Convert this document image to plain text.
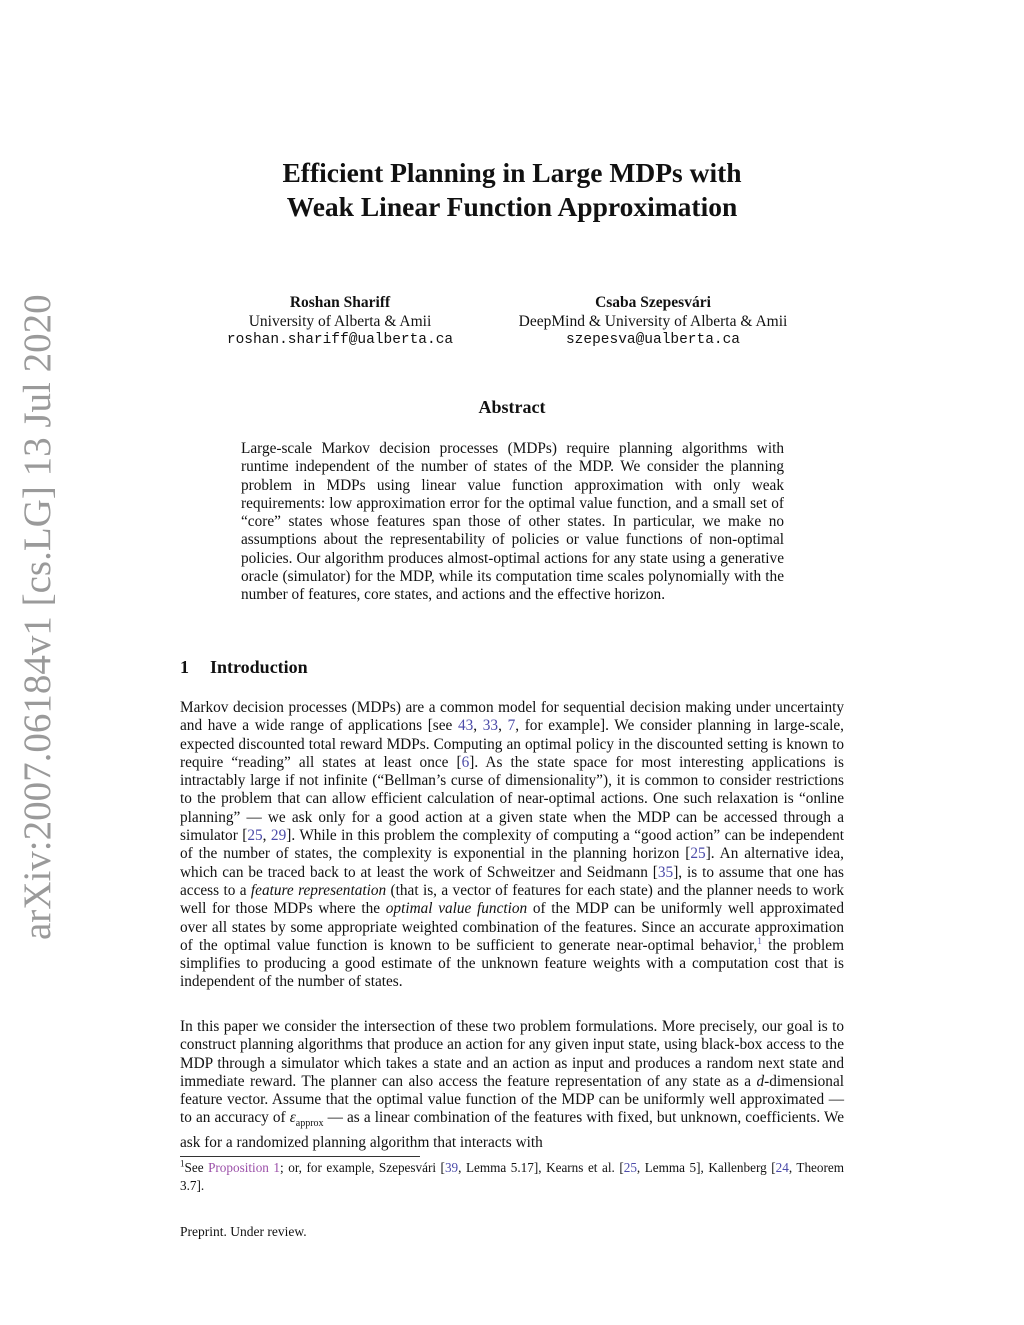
arXiv:2007.06184v1 [cs.LG] 13 Jul 2020
Efficient Planning in Large MDPs with
Weak Linear Function Approximation
Roshan Shariff
University of Alberta & Amii
roshan.shariff@ualberta.ca
Csaba Szepesvári
DeepMind & University of Alberta & Amii
szepesva@ualberta.ca
Abstract
Large-scale Markov decision processes (MDPs) require planning algorithms with runtime independent of the number of states of the MDP. We consider the planning problem in MDPs using linear value function approximation with only weak requirements: low approximation error for the optimal value function, and a small set of “core” states whose features span those of other states. In particular, we make no assumptions about the representability of policies or value functions of non-optimal policies. Our algorithm produces almost-optimal actions for any state using a generative oracle (simulator) for the MDP, while its computation time scales polynomially with the number of features, core states, and actions and the effective horizon.
1 Introduction
Markov decision processes (MDPs) are a common model for sequential decision making under uncertainty and have a wide range of applications [see 43, 33, 7, for example]. We consider planning in large-scale, expected discounted total reward MDPs. Computing an optimal policy in the discounted setting is known to require “reading” all states at least once [6]. As the state space for most interesting applications is intractably large if not infinite (“Bellman’s curse of dimensionality”), it is common to consider restrictions to the problem that can allow efficient calculation of near-optimal actions. One such relaxation is “online planning” — we ask only for a good action at a given state when the MDP can be accessed through a simulator [25, 29]. While in this problem the complexity of computing a “good action” can be independent of the number of states, the complexity is exponential in the planning horizon [25]. An alternative idea, which can be traced back to at least the work of Schweitzer and Seidmann [35], is to assume that one has access to a feature representation (that is, a vector of features for each state) and the planner needs to work well for those MDPs where the optimal value function of the MDP can be uniformly well approximated over all states by some appropriate weighted combination of the features. Since an accurate approximation of the optimal value function is known to be sufficient to generate near-optimal behavior,$^1$ the problem simplifies to producing a good estimate of the unknown feature weights with a computation cost that is independent of the number of states.
In this paper we consider the intersection of these two problem formulations. More precisely, our goal is to construct planning algorithms that produce an action for any given input state, using black-box access to the MDP through a simulator which takes a state and an action as input and produces a random next state and immediate reward. The planner can also access the feature representation of any state as a d-dimensional feature vector. Assume that the optimal value function of the MDP can be uniformly well approximated — to an accuracy of $\varepsilon_{approx}$ — as a linear combination of the features with fixed, but unknown, coefficients. We ask for a randomized planning algorithm that interacts with
$^1$See Proposition 1; or, for example, Szepesvári [39, Lemma 5.17], Kearns et al. [25, Lemma 5], Kallenberg [24, Theorem 3.7].
Preprint. Under review.
